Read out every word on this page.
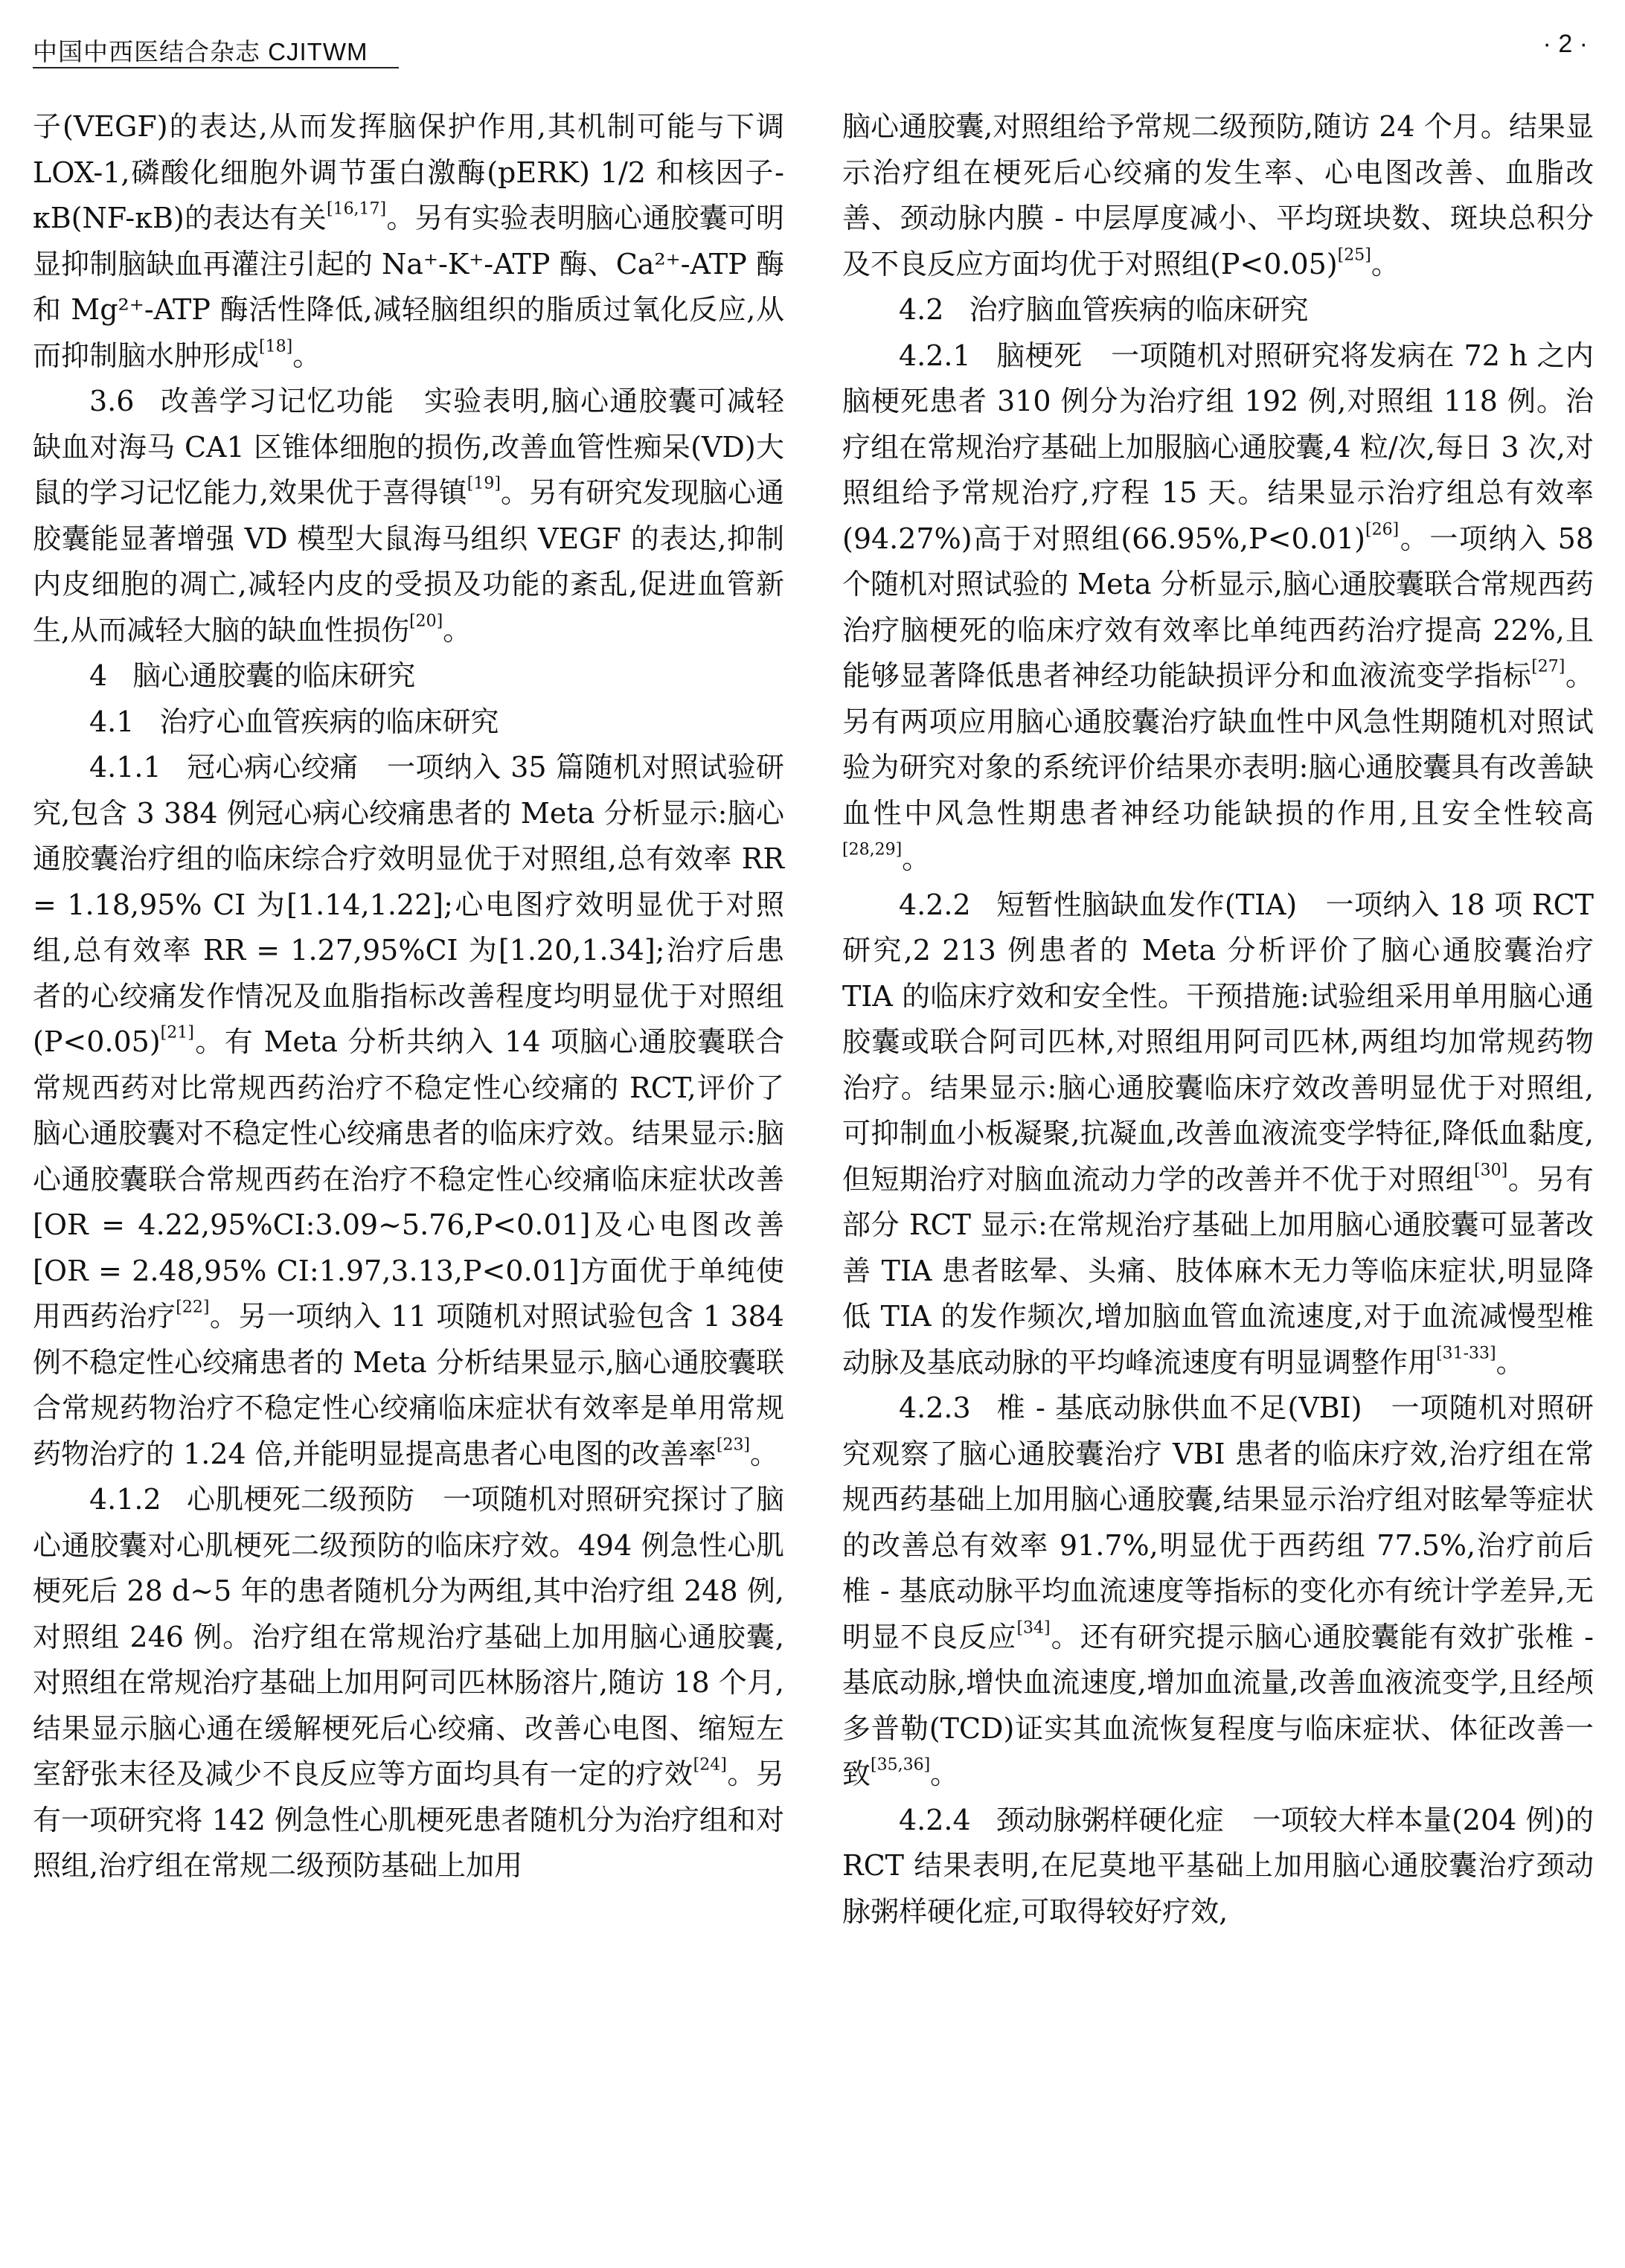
中国中西医结合杂志 CJITWM	· 2 ·

子(VEGF)的表达,从而发挥脑保护作用,其机制可能与下调 LOX-1,磷酸化细胞外调节蛋白激酶(pERK) 1/2 和核因子-κB(NF-κB)的表达有关[16,17]。另有实验表明脑心通胶囊可明显抑制脑缺血再灌注引起的 Na⁺-K⁺-ATP 酶、Ca²⁺-ATP 酶和 Mg²⁺-ATP 酶活性降低,减轻脑组织的脂质过氧化反应,从而抑制脑水肿形成[18]。

3.6 改善学习记忆功能 实验表明,脑心通胶囊可减轻缺血对海马 CA1 区锥体细胞的损伤,改善血管性痴呆(VD)大鼠的学习记忆能力,效果优于喜得镇[19]。另有研究发现脑心通胶囊能显著增强 VD 模型大鼠海马组织 VEGF 的表达,抑制内皮细胞的凋亡,减轻内皮的受损及功能的紊乱,促进血管新生,从而减轻大脑的缺血性损伤[20]。

4 脑心通胶囊的临床研究

4.1 治疗心血管疾病的临床研究

4.1.1 冠心病心绞痛 一项纳入 35 篇随机对照试验研究,包含 3 384 例冠心病心绞痛患者的 Meta 分析显示:脑心通胶囊治疗组的临床综合疗效明显优于对照组,总有效率 RR = 1.18,95% CI 为[1.14,1.22];心电图疗效明显优于对照组,总有效率 RR = 1.27,95%CI 为[1.20,1.34];治疗后患者的心绞痛发作情况及血脂指标改善程度均明显优于对照组(P<0.05)[21]。有 Meta 分析共纳入 14 项脑心通胶囊联合常规西药对比常规西药治疗不稳定性心绞痛的 RCT,评价了脑心通胶囊对不稳定性心绞痛患者的临床疗效。结果显示:脑心通胶囊联合常规西药在治疗不稳定性心绞痛临床症状改善[OR = 4.22,95%CI:3.09~5.76,P<0.01]及心电图改善[OR = 2.48,95% CI:1.97,3.13,P<0.01]方面优于单纯使用西药治疗[22]。另一项纳入 11 项随机对照试验包含 1 384 例不稳定性心绞痛患者的 Meta 分析结果显示,脑心通胶囊联合常规药物治疗不稳定性心绞痛临床症状有效率是单用常规药物治疗的 1.24 倍,并能明显提高患者心电图的改善率[23]。

4.1.2 心肌梗死二级预防 一项随机对照研究探讨了脑心通胶囊对心肌梗死二级预防的临床疗效。494 例急性心肌梗死后 28 d~5 年的患者随机分为两组,其中治疗组 248 例,对照组 246 例。治疗组在常规治疗基础上加用脑心通胶囊,对照组在常规治疗基础上加用阿司匹林肠溶片,随访 18 个月,结果显示脑心通在缓解梗死后心绞痛、改善心电图、缩短左室舒张末径及减少不良反应等方面均具有一定的疗效[24]。另有一项研究将 142 例急性心肌梗死患者随机分为治疗组和对照组,治疗组在常规二级预防基础上加用

脑心通胶囊,对照组给予常规二级预防,随访 24 个月。结果显示治疗组在梗死后心绞痛的发生率、心电图改善、血脂改善、颈动脉内膜 - 中层厚度减小、平均斑块数、斑块总积分及不良反应方面均优于对照组(P<0.05)[25]。

4.2 治疗脑血管疾病的临床研究

4.2.1 脑梗死 一项随机对照研究将发病在 72 h 之内脑梗死患者 310 例分为治疗组 192 例,对照组 118 例。治疗组在常规治疗基础上加服脑心通胶囊,4 粒/次,每日 3 次,对照组给予常规治疗,疗程 15 天。结果显示治疗组总有效率(94.27%)高于对照组(66.95%,P<0.01)[26]。一项纳入 58 个随机对照试验的 Meta 分析显示,脑心通胶囊联合常规西药治疗脑梗死的临床疗效有效率比单纯西药治疗提高 22%,且能够显著降低患者神经功能缺损评分和血液流变学指标[27]。另有两项应用脑心通胶囊治疗缺血性中风急性期随机对照试验为研究对象的系统评价结果亦表明:脑心通胶囊具有改善缺血性中风急性期患者神经功能缺损的作用,且安全性较高[28,29]。

4.2.2 短暂性脑缺血发作(TIA) 一项纳入 18 项 RCT 研究,2 213 例患者的 Meta 分析评价了脑心通胶囊治疗 TIA 的临床疗效和安全性。干预措施:试验组采用单用脑心通胶囊或联合阿司匹林,对照组用阿司匹林,两组均加常规药物治疗。结果显示:脑心通胶囊临床疗效改善明显优于对照组,可抑制血小板凝聚,抗凝血,改善血液流变学特征,降低血黏度,但短期治疗对脑血流动力学的改善并不优于对照组[30]。另有部分 RCT 显示:在常规治疗基础上加用脑心通胶囊可显著改善 TIA 患者眩晕、头痛、肢体麻木无力等临床症状,明显降低 TIA 的发作频次,增加脑血管血流速度,对于血流减慢型椎动脉及基底动脉的平均峰流速度有明显调整作用[31-33]。

4.2.3 椎 - 基底动脉供血不足(VBI) 一项随机对照研究观察了脑心通胶囊治疗 VBI 患者的临床疗效,治疗组在常规西药基础上加用脑心通胶囊,结果显示治疗组对眩晕等症状的改善总有效率 91.7%,明显优于西药组 77.5%,治疗前后椎 - 基底动脉平均血流速度等指标的变化亦有统计学差异,无明显不良反应[34]。还有研究提示脑心通胶囊能有效扩张椎 - 基底动脉,增快血流速度,增加血流量,改善血液流变学,且经颅多普勒(TCD)证实其血流恢复程度与临床症状、体征改善一致[35,36]。

4.2.4 颈动脉粥样硬化症 一项较大样本量(204 例)的 RCT 结果表明,在尼莫地平基础上加用脑心通胶囊治疗颈动脉粥样硬化症,可取得较好疗效,
